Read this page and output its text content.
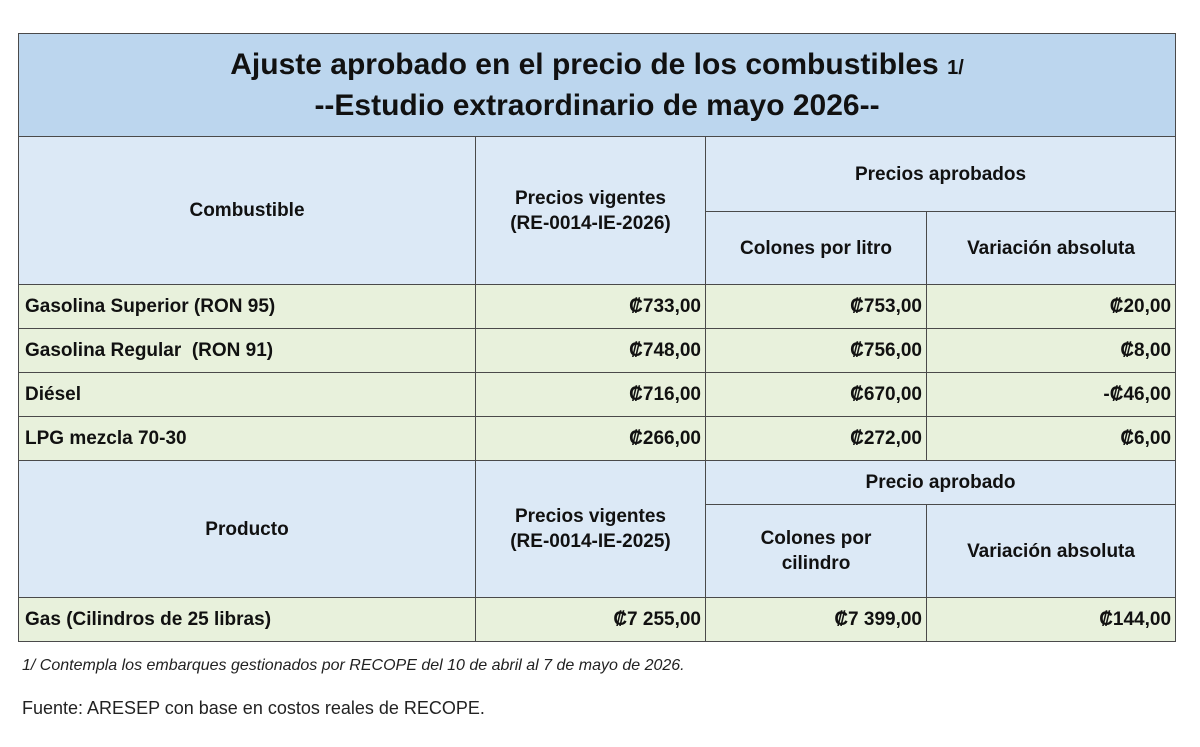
Ajuste aprobado en el precio de los combustibles 1/
--Estudio extraordinario de mayo 2026--			

Combustible	Precios vigentes (RE-0014-IE-2026)	Precios aprobados	
		Colones por litro	Variación absoluta
Gasolina Superior (RON 95)	₡733,00	₡753,00	₡20,00
Gasolina Regular  (RON 91)	₡748,00	₡756,00	₡8,00
Diésel	₡716,00	₡670,00	-₡46,00
LPG mezcla 70-30	₡266,00	₡272,00	₡6,00
Producto	Precios vigentes (RE-0014-IE-2025)	Precio aprobado	
		Colones por cilindro	Variación absoluta
Gas (Cilindros de 25 libras)	₡7 255,00	₡7 399,00	₡144,00
1/ Contempla los embarques gestionados por RECOPE del 10 de abril al 7 de mayo de 2026.
Fuente: ARESEP con base en costos reales de RECOPE.
